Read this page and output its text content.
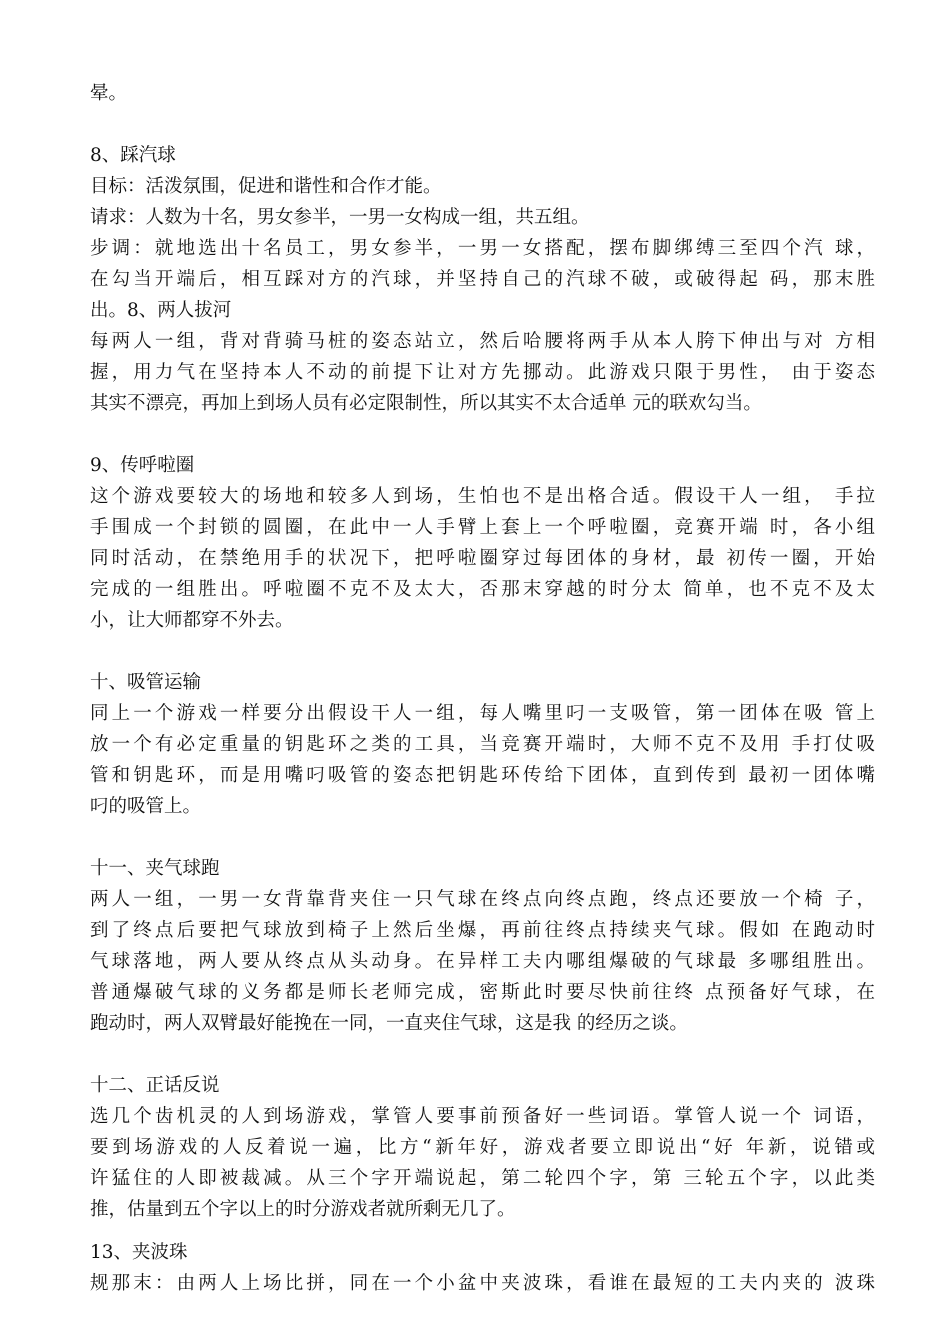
晕。
8、踩汽球
目标：活泼氛围，促进和谐性和合作才能。
请求：人数为十名，男女参半，一男一女构成一组，共五组。
步调：就地选出十名员工，男女参半，一男一女搭配，摆布脚绑缚三至四个汽 球，
在勾当开端后，相互踩对方的汽球，并坚持自己的汽球不破，或破得起 码，那末胜
出。8、两人拔河
每两人一组，背对背骑马桩的姿态站立，然后哈腰将两手从本人胯下伸出与对 方相
握，用力气在坚持本人不动的前提下让对方先挪动。此游戏只限于男性， 由于姿态
其实不漂亮，再加上到场人员有必定限制性，所以其实不太合适单 元的联欢勾当。
9、传呼啦圈
这个游戏要较大的场地和较多人到场，生怕也不是出格合适。假设干人一组， 手拉
手围成一个封锁的圆圈，在此中一人手臂上套上一个呼啦圈，竞赛开端 时，各小组
同时活动，在禁绝用手的状况下，把呼啦圈穿过每团体的身材，最 初传一圈，开始
完成的一组胜出。呼啦圈不克不及太大，否那末穿越的时分太 简单，也不克不及太
小，让大师都穿不外去。
十、吸管运输
同上一个游戏一样要分出假设干人一组，每人嘴里叼一支吸管，第一团体在吸 管上
放一个有必定重量的钥匙环之类的工具，当竞赛开端时，大师不克不及用 手打仗吸
管和钥匙环，而是用嘴叼吸管的姿态把钥匙环传给下团体，直到传到 最初一团体嘴
叼的吸管上。
十一、夹气球跑
两人一组，一男一女背靠背夹住一只气球在终点向终点跑，终点还要放一个椅 子，
到了终点后要把气球放到椅子上然后坐爆，再前往终点持续夹气球。假如 在跑动时
气球落地，两人要从终点从头动身。在异样工夫内哪组爆破的气球最 多哪组胜出。
普通爆破气球的义务都是师长老师完成，密斯此时要尽快前往终 点预备好气球，在
跑动时，两人双臂最好能挽在一同，一直夹住气球，这是我 的经历之谈。
十二、正话反说
选几个齿机灵的人到场游戏，掌管人要事前预备好一些词语。掌管人说一个 词语，
要到场游戏的人反着说一遍，比方“新年好，游戏者要立即说出“好 年新，说错或
许猛住的人即被裁减。从三个字开端说起，第二轮四个字，第 三轮五个字，以此类
推，估量到五个字以上的时分游戏者就所剩无几了。
13、夹波珠
规那末：由两人上场比拼，同在一个小盆中夹波珠，看谁在最短的工夫内夹的 波珠
